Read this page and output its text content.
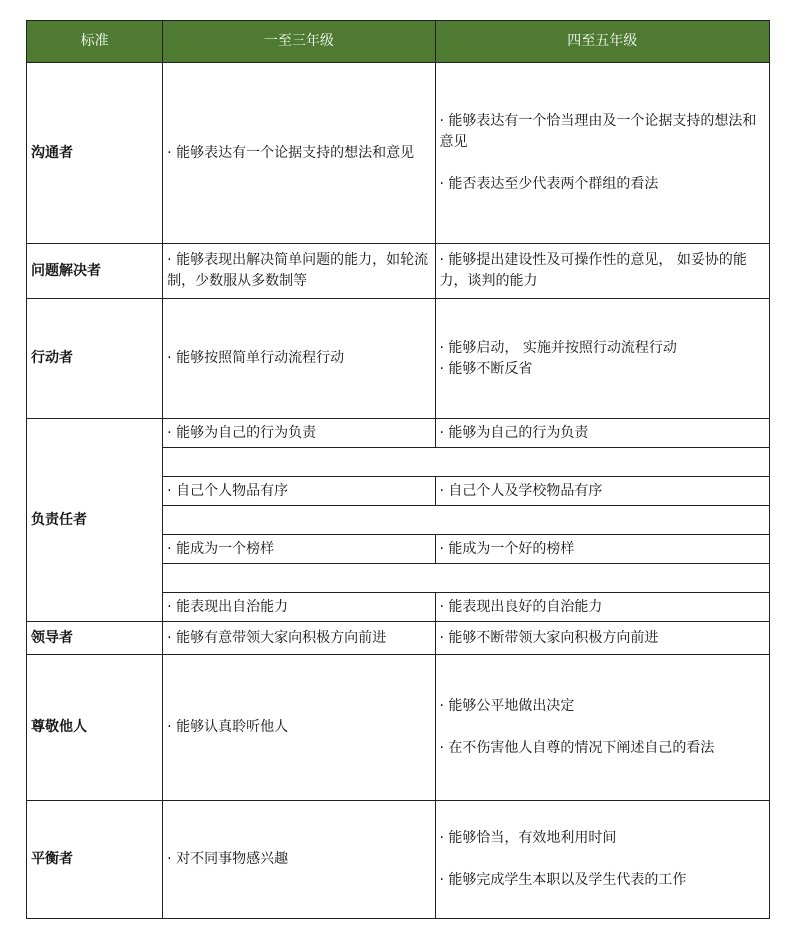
标准	一至三年级	四至五年级
沟通者	· 能够表达有一个论据支持的想法和意见	· 能够表达有一个恰当理由及一个论据支持的想法和意见
· 能否表达至少代表两个群组的看法

问题解决者	· 能够表现出解决简单问题的能力，如轮流制，少数服从多数制等	· 能够提出建设性及可操作性的意见， 如妥协的能力，谈判的能力
行动者	· 能够按照简单行动流程行动	· 能够启动， 实施并按照行动流程行动
· 能够不断反省

负责任者	· 能够为自己的行为负责	· 能够为自己的行为负责

	· 自己个人物品有序	· 自己个人及学校物品有序

	· 能成为一个榜样	· 能成为一个好的榜样

	· 能表现出自治能力	· 能表现出良好的自治能力
领导者	· 能够有意带领大家向积极方向前进	· 能够不断带领大家向积极方向前进
尊敬他人	· 能够认真聆听他人	· 能够公平地做出决定
· 在不伤害他人自尊的情况下阐述自己的看法

平衡者	· 对不同事物感兴趣	· 能够恰当，有效地利用时间
· 能够完成学生本职以及学生代表的工作
